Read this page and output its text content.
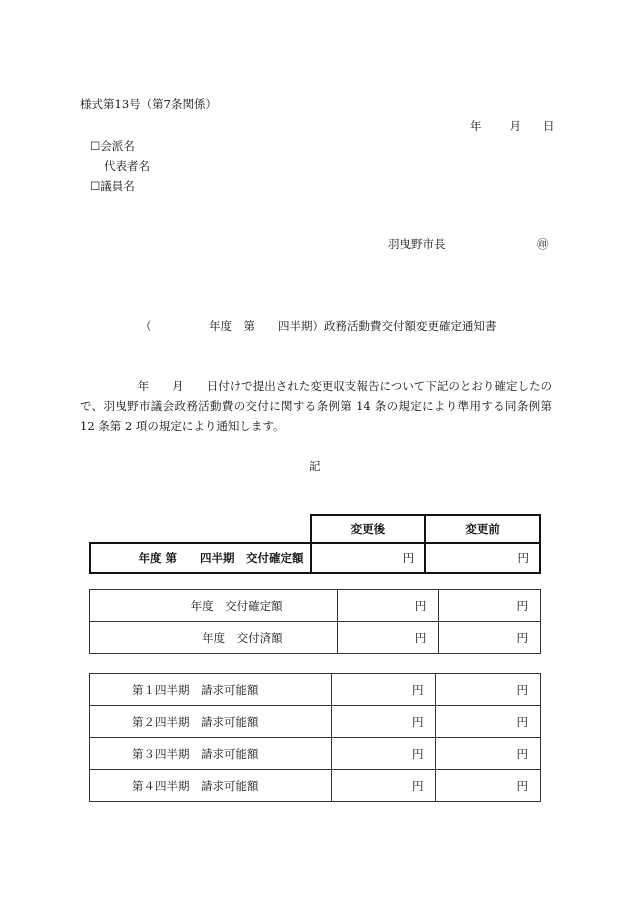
様式第13号（第7条関係）
年 月 日
☐会派名
代表者名
☐議員名
羽曳野市長	㊞
（　　　　　年度　第　　四半期）政務活動費交付額変更確定通知書
　　　　　年　　月　　日付けで提出された変更収支報告について下記のとおり確定したので、羽曳野市議会政務活動費の交付に関する条例第 14 条の規定により準用する同条例第 12 条第 2 項の規定により通知します。
記
	変更後	変更前
年度 第　　四半期　交付確定額	円	円
年度　交付確定額	円	円
年度　交付済額	円	円
第１四半期　請求可能額	円	円
第２四半期　請求可能額	円	円
第３四半期　請求可能額	円	円
第４四半期　請求可能額	円	円
